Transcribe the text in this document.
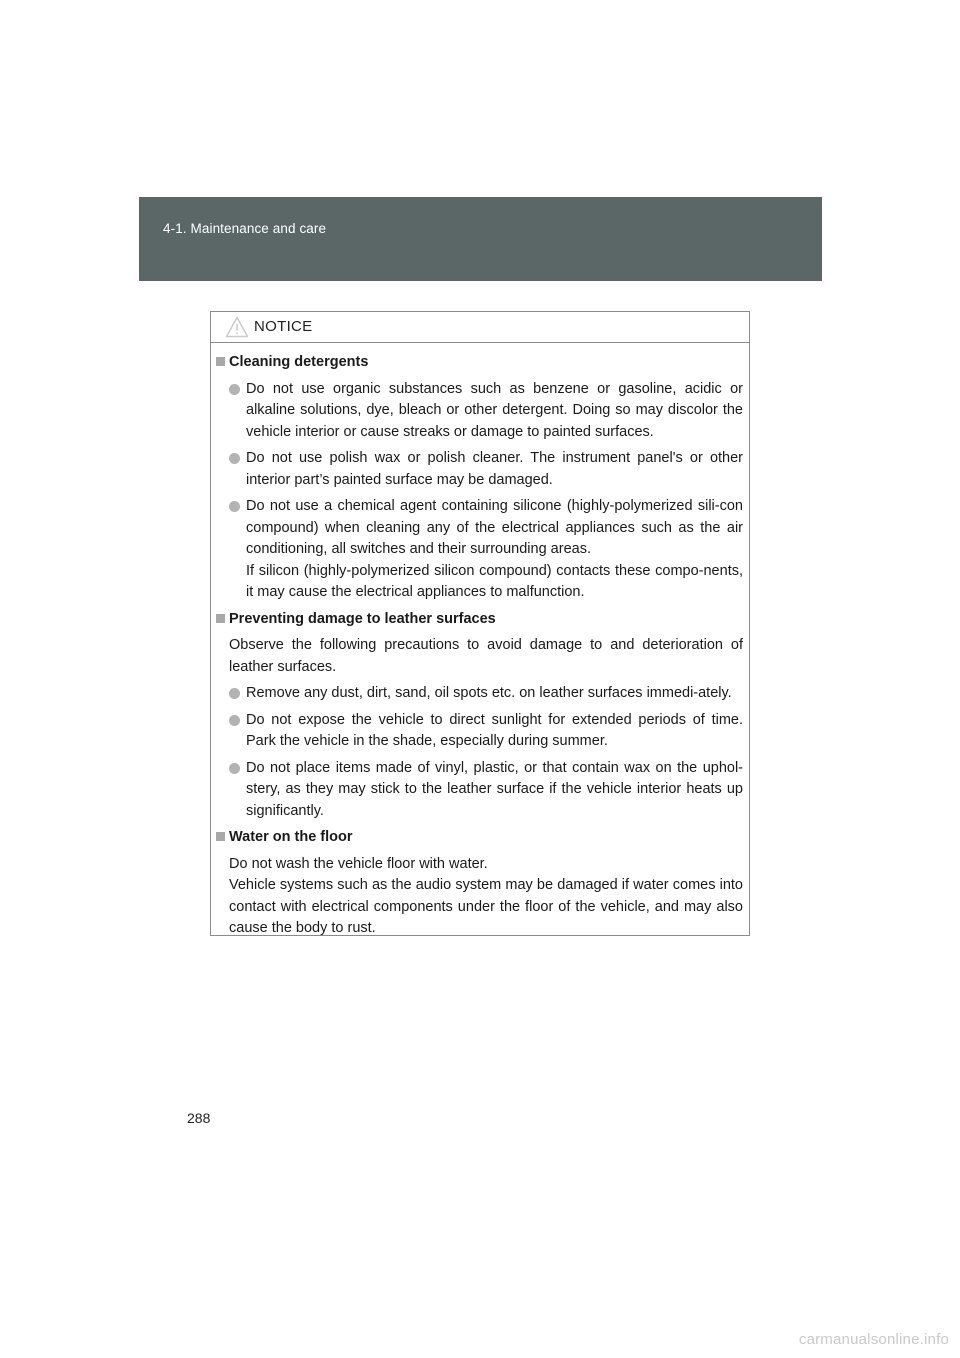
4-1. Maintenance and care
NOTICE
Cleaning detergents
Do not use organic substances such as benzene or gasoline, acidic or alkaline solutions, dye, bleach or other detergent. Doing so may discolor the vehicle interior or cause streaks or damage to painted surfaces.
Do not use polish wax or polish cleaner. The instrument panel's or other interior part’s painted surface may be damaged.
Do not use a chemical agent containing silicone (highly-polymerized sili-con compound) when cleaning any of the electrical appliances such as the air conditioning, all switches and their surrounding areas.
If silicon (highly-polymerized silicon compound) contacts these compo-nents, it may cause the electrical appliances to malfunction.
Preventing damage to leather surfaces
Observe the following precautions to avoid damage to and deterioration of leather surfaces.
Remove any dust, dirt, sand, oil spots etc. on leather surfaces immedi-ately.
Do not expose the vehicle to direct sunlight for extended periods of time. Park the vehicle in the shade, especially during summer.
Do not place items made of vinyl, plastic, or that contain wax on the uphol-stery, as they may stick to the leather surface if the vehicle interior heats up significantly.
Water on the floor
Do not wash the vehicle floor with water.
Vehicle systems such as the audio system may be damaged if water comes into contact with electrical components under the floor of the vehicle, and may also cause the body to rust.
288
carmanualsonline.info
